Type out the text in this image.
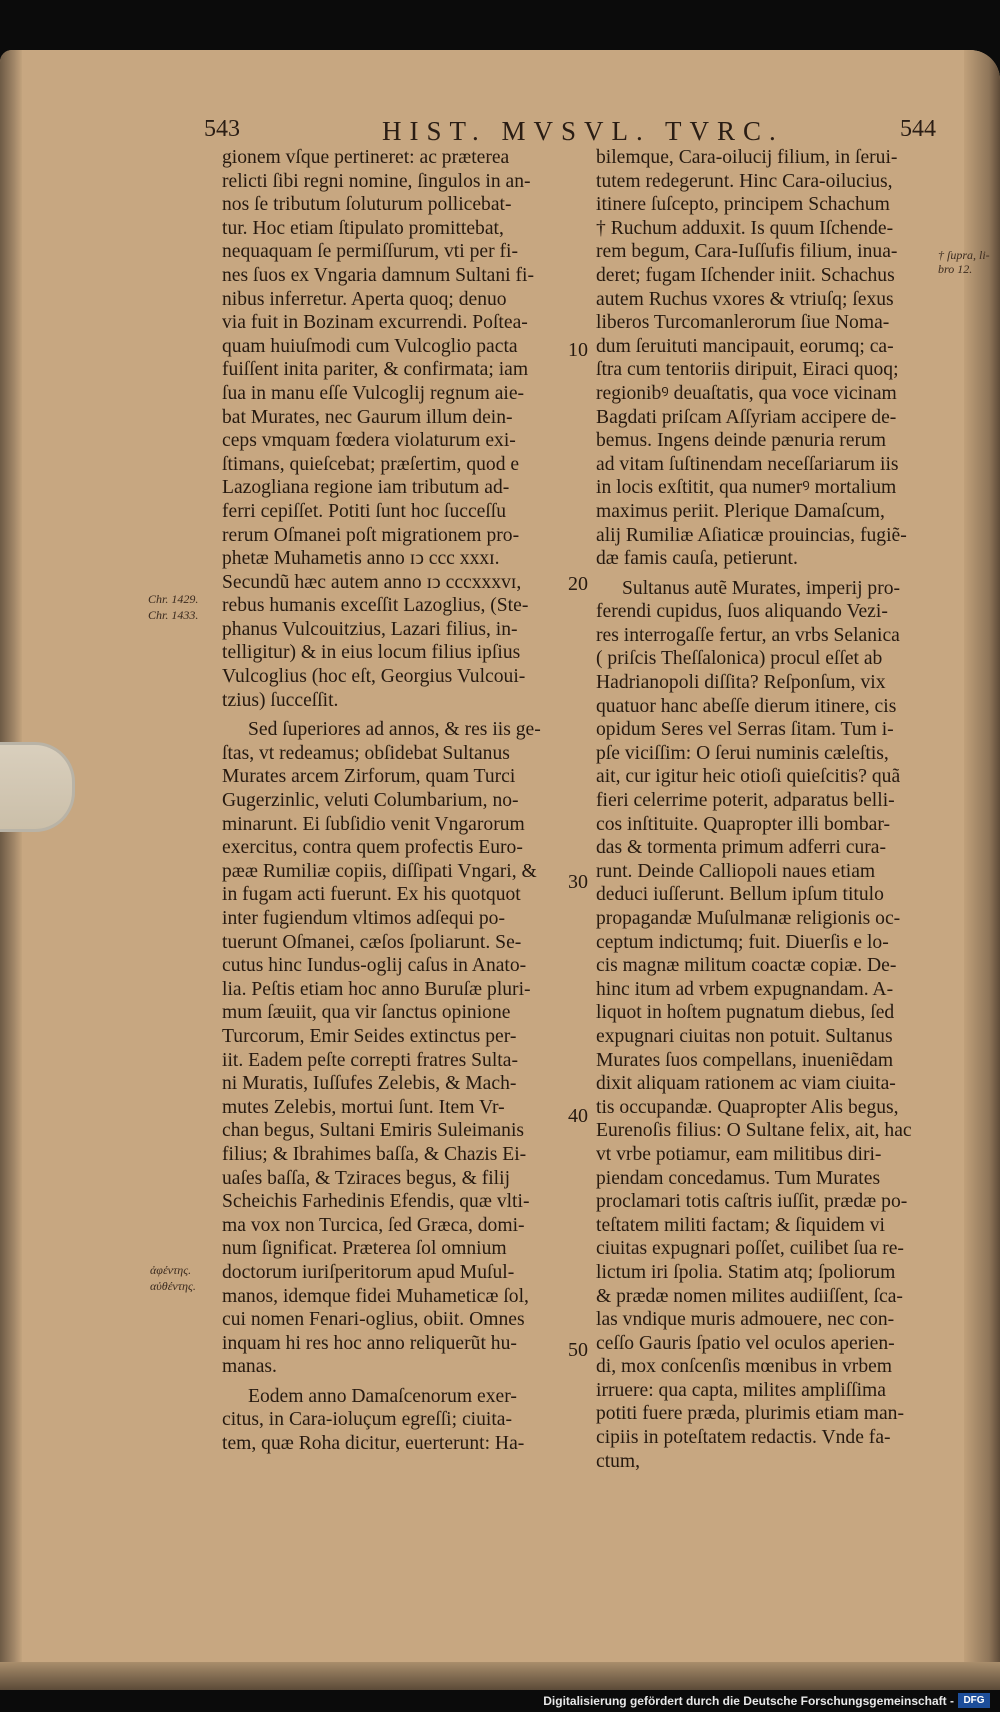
543	HIST. MVSVL. TVRC.	544
gionem vſque pertineret: ac præterea
relicti ſibi regni nomine, ſingulos in an-
nos ſe tributum ſoluturum pollicebat-
tur. Hoc etiam ſtipulato promittebat,
nequaquam ſe permiſſurum, vti per fi-
nes ſuos ex Vngaria damnum Sultani fi-
nibus inferretur. Aperta quoq; denuo
via fuit in Bozinam excurrendi. Poſtea-
quam huiuſmodi cum Vulcoglio pacta
fuiſſent inita pariter, & confirmata; iam
ſua in manu eſſe Vulcoglij regnum aie-
bat Murates, nec Gaurum illum dein-
ceps vmquam fœdera violaturum exi-
ſtimans, quieſcebat; præſertim, quod e
Lazogliana regione iam tributum ad-
ferri cepiſſet. Potiti ſunt hoc ſucceſſu
rerum Oſmanei poſt migrationem pro-
phetæ Muhametis anno ɪↄ ccc xxxɪ.
Secundũ hæc autem anno ɪↄ cccxxxvɪ,
rebus humanis exceſſit Lazoglius, (Ste-
phanus Vulcouitzius, Lazari filius, in-
telligitur) & in eius locum filius ipſius
Vulcoglius (hoc eſt, Georgius Vulcoui-
tzius) ſucceſſit.
Sed ſuperiores ad annos, & res iis ge-
ſtas, vt redeamus; obſidebat Sultanus
Murates arcem Zirforum, quam Turci
Gugerzinlic, veluti Columbarium, no-
minarunt. Ei ſubſidio venit Vngarorum
exercitus, contra quem profectis Euro-
pææ Rumiliæ copiis, diſſipati Vngari, &
in fugam acti fuerunt. Ex his quotquot
inter fugiendum vltimos adſequi po-
tuerunt Oſmanei, cæſos ſpoliarunt. Se-
cutus hinc Iundus-oglij caſus in Anato-
lia. Peſtis etiam hoc anno Buruſæ pluri-
mum ſæuiit, qua vir ſanctus opinione
Turcorum, Emir Seides extinctus per-
iit. Eadem peſte correpti fratres Sulta-
ni Muratis, Iuſſufes Zelebis, & Mach-
mutes Zelebis, mortui ſunt. Item Vr-
chan begus, Sultani Emiris Suleimanis
filius; & Ibrahimes baſſa, & Chazis Ei-
uaſes baſſa, & Tziraces begus, & filij
Scheichis Farhedinis Efendis, quæ vlti-
ma vox non Turcica, ſed Græca, domi-
num ſignificat. Præterea ſol omnium
doctorum iuriſperitorum apud Muſul-
manos, idemque fidei Muhameticæ ſol,
cui nomen Fenari-oglius, obiit. Omnes
inquam hi res hoc anno reliquerũt hu-
manas.
Eodem anno Damaſcenorum exer-
citus, in Cara-ioluçum egreſſi; ciuita-
tem, quæ Roha dicitur, euerterunt: Ha-
bilemque, Cara-oilucij filium, in ſerui-
tutem redegerunt. Hinc Cara-oilucius,
itinere ſuſcepto, principem Schachum
† Ruchum adduxit. Is quum Iſchende-
rem begum, Cara-Iuſſufis filium, inua-
deret; fugam Iſchender iniit. Schachus
autem Ruchus vxores & vtriuſq; ſexus
liberos Turcomanlerorum ſiue Noma-
dum ſeruituti mancipauit, eorumq; ca-
ſtra cum tentoriis diripuit, Eiraci quoq;
regionibꝰ deuaſtatis, qua voce vicinam
Bagdati priſcam Aſſyriam accipere de-
bemus. Ingens deinde pænuria rerum
ad vitam ſuſtinendam neceſſariarum iis
in locis exſtitit, qua numerꝰ mortalium
maximus periit. Plerique Damaſcum,
alij Rumiliæ Aſiaticæ prouincias, fugiẽ-
dæ famis cauſa, petierunt.
Sultanus autẽ Murates, imperij pro-
ferendi cupidus, ſuos aliquando Vezi-
res interrogaſſe fertur, an vrbs Selanica
( priſcis Theſſalonica) procul eſſet ab
Hadrianopoli diſſita? Reſponſum, vix
quatuor hanc abeſſe dierum itinere, cis
opidum Seres vel Serras ſitam. Tum i-
pſe viciſſim: O ſerui numinis cæleſtis,
ait, cur igitur heic otioſi quieſcitis? quã
fieri celerrime poterit, adparatus belli-
cos inſtituite. Quapropter illi bombar-
das & tormenta primum adferri cura-
runt. Deinde Calliopoli naues etiam
deduci iuſſerunt. Bellum ipſum titulo
propagandæ Muſulmanæ religionis oc-
ceptum indictumq; fuit. Diuerſis e lo-
cis magnæ militum coactæ copiæ. De-
hinc itum ad vrbem expugnandam. A-
liquot in hoſtem pugnatum diebus, ſed
expugnari ciuitas non potuit. Sultanus
Murates ſuos compellans, inueniẽdam
dixit aliquam rationem ac viam ciuita-
tis occupandæ. Quapropter Alis begus,
Eurenoſis filius: O Sultane felix, ait, hac
vt vrbe potiamur, eam militibus diri-
piendam concedamus. Tum Murates
proclamari totis caſtris iuſſit, prædæ po-
teſtatem militi factam; & ſiquidem vi
ciuitas expugnari poſſet, cuilibet ſua re-
lictum iri ſpolia. Statim atq; ſpoliorum
& prædæ nomen milites audiiſſent, ſca-
las vndique muris admouere, nec con-
ceſſo Gauris ſpatio vel oculos aperien-
di, mox conſcenſis mœnibus in vrbem
irruere: qua capta, milites ampliſſima
potiti fuere præda, plurimis etiam man-
cipiis in poteſtatem redactis. Vnde fa-
ctum,
10
20
30
40
50
Chr. 1429.
Chr. 1433.
ἀφέντης.
αὐθέντης.
† ſupra, li-
bro 12.
Digitalisierung gefördert durch die Deutsche Forschungsgemeinschaft - DFG
